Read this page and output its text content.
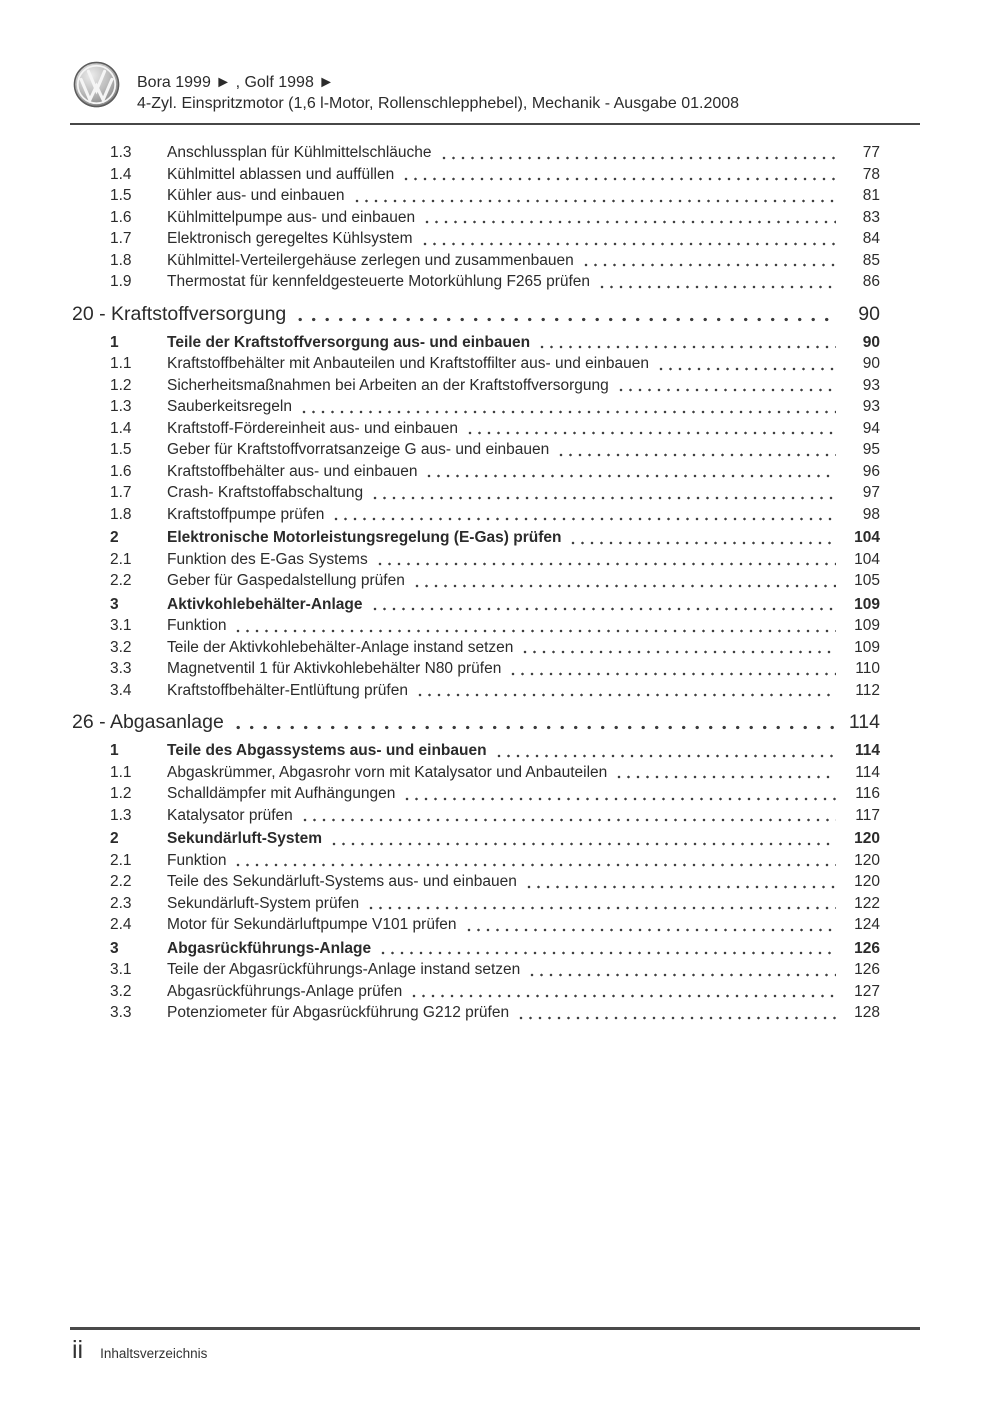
Bora 1999 ► , Golf 1998 ►
4-Zyl. Einspritzmotor (1,6 l-Motor, Rollenschlepphebel), Mechanik - Ausgabe 01.2008
1.3	Anschlussplan für Kühlmittelschläuche	77
1.4	Kühlmittel ablassen und auffüllen	78
1.5	Kühler aus- und einbauen	81
1.6	Kühlmittelpumpe aus- und einbauen	83
1.7	Elektronisch geregeltes Kühlsystem	84
1.8	Kühlmittel-Verteilergehäuse zerlegen und zusammenbauen	85
1.9	Thermostat für kennfeldgesteuerte Motorkühlung F265 prüfen	86
20 - Kraftstoffversorgung	90
1	Teile der Kraftstoffversorgung aus- und einbauen	90
1.1	Kraftstoffbehälter mit Anbauteilen und Kraftstoffilter aus- und einbauen	90
1.2	Sicherheitsmaßnahmen bei Arbeiten an der Kraftstoffversorgung	93
1.3	Sauberkeitsregeln	93
1.4	Kraftstoff-Fördereinheit aus- und einbauen	94
1.5	Geber für Kraftstoffvorratsanzeige G aus- und einbauen	95
1.6	Kraftstoffbehälter aus- und einbauen	96
1.7	Crash- Kraftstoffabschaltung	97
1.8	Kraftstoffpumpe prüfen	98
2	Elektronische Motorleistungsregelung (E-Gas) prüfen	104
2.1	Funktion des E-Gas Systems	104
2.2	Geber für Gaspedalstellung prüfen	105
3	Aktivkohlebehälter-Anlage	109
3.1	Funktion	109
3.2	Teile der Aktivkohlebehälter-Anlage instand setzen	109
3.3	Magnetventil 1 für Aktivkohlebehälter N80 prüfen	110
3.4	Kraftstoffbehälter-Entlüftung prüfen	112
26 - Abgasanlage	114
1	Teile des Abgassystems aus- und einbauen	114
1.1	Abgaskrümmer, Abgasrohr vorn mit Katalysator und Anbauteilen	114
1.2	Schalldämpfer mit Aufhängungen	116
1.3	Katalysator prüfen	117
2	Sekundärluft-System	120
2.1	Funktion	120
2.2	Teile des Sekundärluft-Systems aus- und einbauen	120
2.3	Sekundärluft-System prüfen	122
2.4	Motor für Sekundärluftpumpe V101 prüfen	124
3	Abgasrückführungs-Anlage	126
3.1	Teile der Abgasrückführungs-Anlage instand setzen	126
3.2	Abgasrückführungs-Anlage prüfen	127
3.3	Potenziometer für Abgasrückführung G212 prüfen	128
ii Inhaltsverzeichnis
